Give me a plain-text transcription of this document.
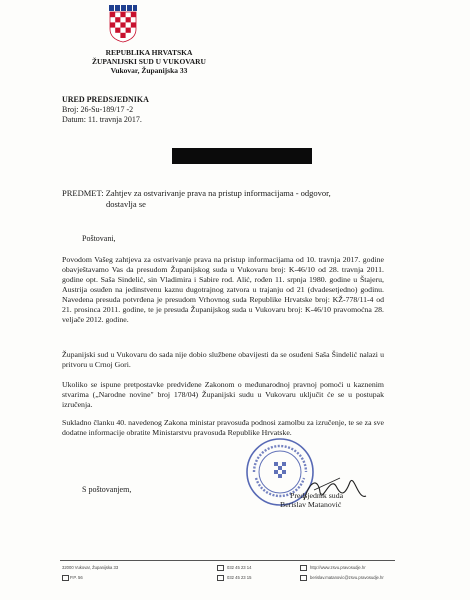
REPUBLIKA HRVATSKA
ŽUPANIJSKI SUD U VUKOVARU
Vukovar, Županijska 33
URED PREDSJEDNIKA
Broj: 26-Su-189/17 -2
Datum: 11. travnja 2017.
PREDMET: Zahtjev za ostvarivanje prava na pristup informacijama - odgovor,
dostavlja se
Poštovani,

Povodom Vašeg zahtjeva za ostvarivanje prava na pristup informacijama od 10. travnja 2017. godine obavještavamo Vas da presudom Županijskog suda u Vukovaru broj: K-46/10 od 28. travnja 2011. godine opt. Saša Sindelić, sin Vladimira i Sabire rod. Alić, rođen 11. srpnja 1980. godine u Štajeru, Austrija osuđen na jedinstvenu kaznu dugotrajnog zatvora u trajanju od 21 (dvadesetjedno) godinu. Navedena presuda potvrđena je presudom Vrhovnog suda Republike Hrvatske broj: KŽ-778/11-4 od 21. prosinca 2011. godine, te je presuda Županijskog suda u Vukovaru broj: K-46/10 pravomoćna 28. veljače 2012. godine.

Županijski sud u Vukovaru do sada nije dobio službene obavijesti da se osuđeni Saša Šindelić nalazi u pritvoru u Crnoj Gori.

Ukoliko se ispune pretpostavke predviđene Zakonom o međunarodnoj pravnoj pomoći u kaznenim stvarima („Narodne novine" broj 178/04) Županijski sudu u Vukovaru uključit će se u postupak izručenja.

Sukladno članku 40. navedenog Zakona ministar pravosuđa podnosi zamolbu za izručenje, te se za sve dodatne informacije obratite Ministarstvu pravosuđa Republike Hrvatske.

S poštovanjem,
Predsjednik suda
Berislav Matanović
32000 Vukovar, Županijska 33
P.P. 56
032 45 23 14
032 45 23 15
http://www.zsvu.pravosudje.hr
berislav.matanovic@zsvu.pravosudje.hr
